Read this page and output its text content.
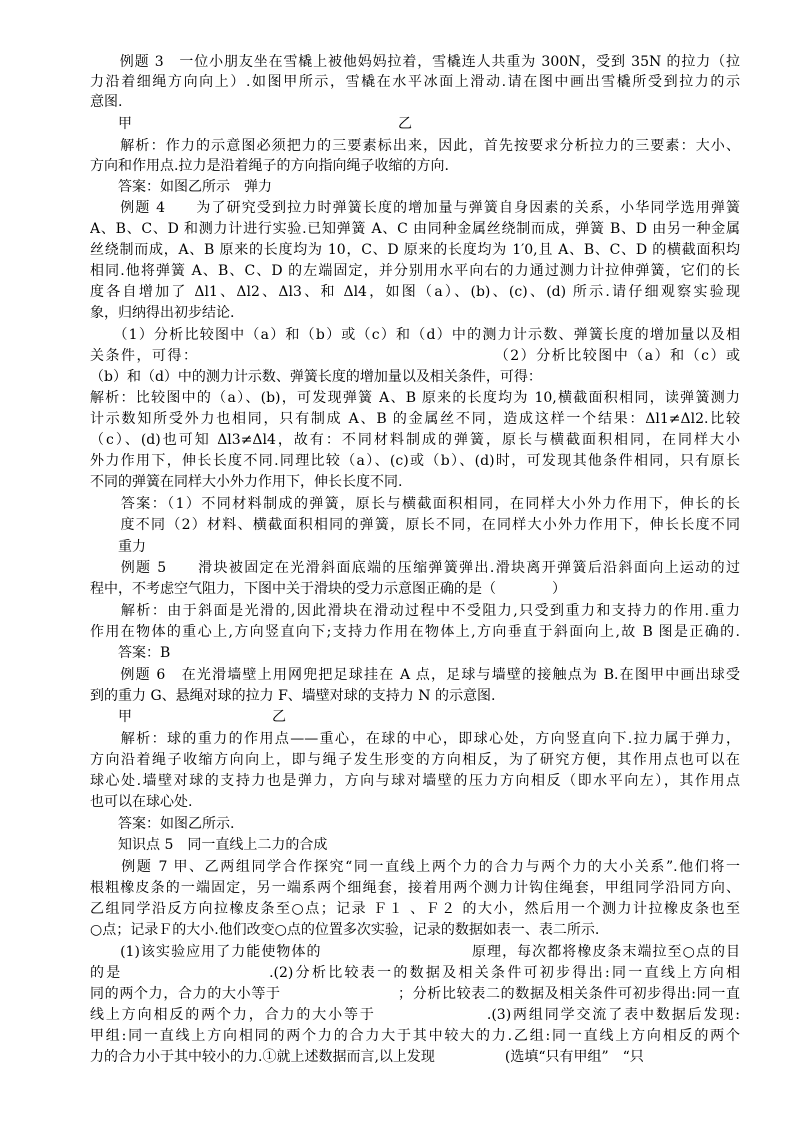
　　例题 3　一位小朋友坐在雪橇上被他妈妈拉着，雪橇连人共重为 300N，受到 35N 的拉力（拉
力沿着细绳方向向上）.如图甲所示，雪橇在水平冰面上滑动.请在图中画出雪橇所受到拉力的示
意图.
　　甲　　　　　　　　　　　　　　　　　　　乙
　　解析：作力的示意图必须把力的三要素标出来，因此，首先按要求分析拉力的三要素：大小、
方向和作用点.拉力是沿着绳子的方向指向绳子收缩的方向.
　　答案：如图乙所示　弹力
　　例题 4　　为了研究受到拉力时弹簧长度的增加量与弹簧自身因素的关系，小华同学选用弹簧
A、B、C、D 和测力计进行实验.已知弹簧 A、C 由同种金属丝绕制而成，弹簧 B、D 由另一种金属
丝绕制而成，A、B 原来的长度均为 10，C、D 原来的长度均为 1′0,且 A、B、C、D 的横截面积均
相同.他将弹簧 A、B、C、D 的左端固定，并分别用水平向右的力通过测力计拉伸弹簧，它们的长
度各自增加了 Δl1、Δl2、Δl3、和 Δl4，如图（a）、(b)、(c)、(d) 所示.请仔细观察实验现
象，归纳得出初步结论.
　　（1）分析比较图中（a）和（b）或（c）和（d）中的测力计示数、弹簧长度的增加量以及相
关条件，可得：　　　　　　　　　　　　　　　　　　　　（2）分析比较图中（a）和（c）或
（b）和（d）中的测力计示数、弹簧长度的增加量以及相关条件，可得：
解析：比较图中的（a）、(b)，可发现弹簧 A、B 原来的长度均为 10,横截面积相同，读弹簧测力
计示数知所受外力也相同，只有制成 A、B 的金属丝不同，造成这样一个结果：Δl1≠Δl2.比较
（c）、(d)也可知 Δl3≠Δl4，故有：不同材料制成的弹簧，原长与横截面积相同，在同样大小
外力作用下，伸长长度不同.同理比较（a）、(c)或（b）、(d)时，可发现其他条件相同，只有原长
不同的弹簧在同样大小外力作用下，伸长长度不同.
　　答案：（1）不同材料制成的弹簧，原长与横截面积相同，在同样大小外力作用下，伸长的长
　　度不同（2）材料、横截面积相同的弹簧，原长不同，在同样大小外力作用下，伸长长度不同
　　重力
　　例题 5　　滑块被固定在光滑斜面底端的压缩弹簧弹出.滑块离开弹簧后沿斜面向上运动的过
程中，不考虑空气阻力，下图中关于滑块的受力示意图正确的是（　　　　）
　　解析：由于斜面是光滑的,因此滑块在滑动过程中不受阻力,只受到重力和支持力的作用.重力
作用在物体的重心上,方向竖直向下;支持力作用在物体上,方向垂直于斜面向上,故 B 图是正确的.
　　答案：B
　　例题 6　在光滑墙壁上用网兜把足球挂在 A 点，足球与墙壁的接触点为 B.在图甲中画出球受
到的重力 G、悬绳对球的拉力 F、墙壁对球的支持力 N 的示意图.
　　甲　　　　　　　　　　乙
　　解析：球的重力的作用点——重心，在球的中心，即球心处，方向竖直向下.拉力属于弹力，
方向沿着绳子收缩方向向上，即与绳子发生形变的方向相反，为了研究方便，其作用点也可以在
球心处.墙壁对球的支持力也是弹力，方向与球对墙壁的压力方向相反（即水平向左），其作用点
也可以在球心处.
　　答案：如图乙所示.
　　知识点 5　同一直线上二力的合成
　　例题 7 甲、乙两组同学合作探究“同一直线上两个力的合力与两个力的大小关系”.他们将一
根粗橡皮条的一端固定，另一端系两个细绳套，接着用两个测力计钩住绳套，甲组同学沿同方向、
乙组同学沿反方向拉橡皮条至○点；记录 Ｆ１ 、Ｆ２ 的大小，然后用一个测力计拉橡皮条也至
○点；记录Ｆ的大小.他们改变○点的位置多次实验，记录的数据如表一、表二所示.
　　(1)该实验应用了力能使物体的　　　　　　　　　　原理，每次都将橡皮条末端拉至○点的目
的是　　　　　　　　　.(2)分析比较表一的数据及相关条件可初步得出:同一直线上方向相
同的两个力，合力的大小等于　　　　　　　　；分析比较表二的数据及相关条件可初步得出:同一直
线上方向相反的两个力，合力的大小等于　　　　　　　.(3)两组同学交流了表中数据后发现:
甲组:同一直线上方向相同的两个力的合力大于其中较大的力.乙组:同一直线上方向相反的两个
力的合力小于其中较小的力.①就上述数据而言,以上发现　　　　　(选填“只有甲组”　“只
